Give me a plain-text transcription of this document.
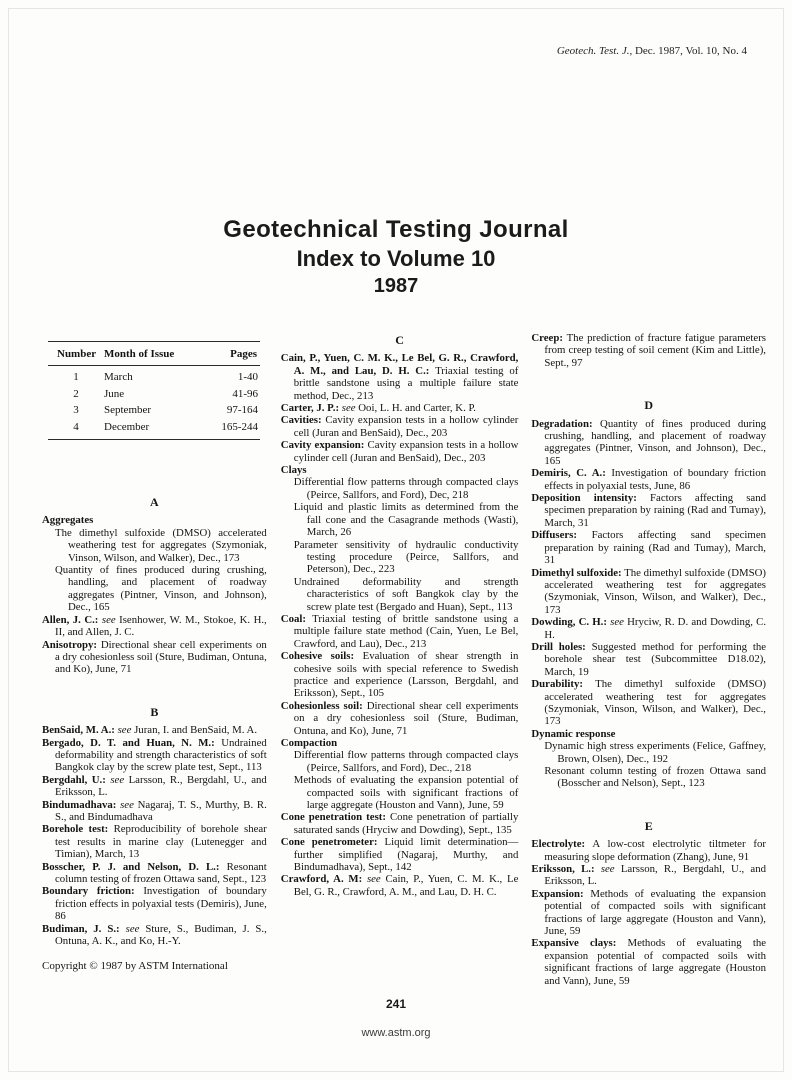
Geotech. Test. J., Dec. 1987, Vol. 10, No. 4
Geotechnical Testing Journal
Index to Volume 10
1987
Number	Month of Issue	Pages
1	March	1-40
2	June	41-96
3	September	97-164
4	December	165-244
A
Aggregates
The dimethyl sulfoxide (DMSO) accelerated weathering test for aggregates (Szymoniak, Vinson, Wilson, and Walker), Dec., 173
Quantity of fines produced during crushing, handling, and placement of roadway aggregates (Pintner, Vinson, and Johnson), Dec., 165
Allen, J. C.: see Isenhower, W. M., Stokoe, K. H., II, and Allen, J. C.
Anisotropy: Directional shear cell experiments on a dry cohesionless soil (Sture, Budiman, Ontuna, and Ko), June, 71
B
BenSaid, M. A.: see Juran, I. and BenSaid, M. A.
Bergado, D. T. and Huan, N. M.: Undrained deformability and strength characteristics of soft Bangkok clay by the screw plate test, Sept., 113
Bergdahl, U.: see Larsson, R., Bergdahl, U., and Eriksson, L.
Bindumadhava: see Nagaraj, T. S., Murthy, B. R. S., and Bindumadhava
Borehole test: Reproducibility of borehole shear test results in marine clay (Lutenegger and Timian), March, 13
Bosscher, P. J. and Nelson, D. L.: Resonant column testing of frozen Ottawa sand, Sept., 123
Boundary friction: Investigation of boundary friction effects in polyaxial tests (Demiris), June, 86
Budiman, J. S.: see Sture, S., Budiman, J. S., Ontuna, A. K., and Ko, H.-Y.
Copyright © 1987 by ASTM International
C
Cain, P., Yuen, C. M. K., Le Bel, G. R., Crawford, A. M., and Lau, D. H. C.: Triaxial testing of brittle sandstone using a multiple failure state method, Dec., 213
Carter, J. P.: see Ooi, L. H. and Carter, K. P.
Cavities: Cavity expansion tests in a hollow cylinder cell (Juran and BenSaid), Dec., 203
Cavity expansion: Cavity expansion tests in a hollow cylinder cell (Juran and BenSaid), Dec., 203
Clays
Differential flow patterns through compacted clays (Peirce, Sallfors, and Ford), Dec, 218
Liquid and plastic limits as determined from the fall cone and the Casagrande methods (Wasti), March, 26
Parameter sensitivity of hydraulic conductivity testing procedure (Peirce, Sallfors, and Peterson), Dec., 223
Undrained deformability and strength characteristics of soft Bangkok clay by the screw plate test (Bergado and Huan), Sept., 113
Coal: Triaxial testing of brittle sandstone using a multiple failure state method (Cain, Yuen, Le Bel, Crawford, and Lau), Dec., 213
Cohesive soils: Evaluation of shear strength in cohesive soils with special reference to Swedish practice and experience (Larsson, Bergdahl, and Eriksson), Sept., 105
Cohesionless soil: Directional shear cell experiments on a dry cohesionless soil (Sture, Budiman, Ontuna, and Ko), June, 71
Compaction
Differential flow patterns through compacted clays (Peirce, Sallfors, and Ford), Dec., 218
Methods of evaluating the expansion potential of compacted soils with significant fractions of large aggregate (Houston and Vann), June, 59
Cone penetration test: Cone penetration of partially saturated sands (Hryciw and Dowding), Sept., 135
Cone penetrometer: Liquid limit determination—further simplified (Nagaraj, Murthy, and Bindumadhava), Sept., 142
Crawford, A. M: see Cain, P., Yuen, C. M. K., Le Bel, G. R., Crawford, A. M., and Lau, D. H. C.
Creep: The prediction of fracture fatigue parameters from creep testing of soil cement (Kim and Little), Sept., 97
D
Degradation: Quantity of fines produced during crushing, handling, and placement of roadway aggregates (Pintner, Vinson, and Johnson), Dec., 165
Demiris, C. A.: Investigation of boundary friction effects in polyaxial tests, June, 86
Deposition intensity: Factors affecting sand specimen preparation by raining (Rad and Tumay), March, 31
Diffusers: Factors affecting sand specimen preparation by raining (Rad and Tumay), March, 31
Dimethyl sulfoxide: The dimethyl sulfoxide (DMSO) accelerated weathering test for aggregates (Szymoniak, Vinson, Wilson, and Walker), Dec., 173
Dowding, C. H.: see Hryciw, R. D. and Dowding, C. H.
Drill holes: Suggested method for performing the borehole shear test (Subcommittee D18.02), March, 19
Durability: The dimethyl sulfoxide (DMSO) accelerated weathering test for aggregates (Szymoniak, Vinson, Wilson, and Walker), Dec., 173
Dynamic response
Dynamic high stress experiments (Felice, Gaffney, Brown, Olsen), Dec., 192
Resonant column testing of frozen Ottawa sand (Bosscher and Nelson), Sept., 123
E
Electrolyte: A low-cost electrolytic tiltmeter for measuring slope deformation (Zhang), June, 91
Eriksson, L.: see Larsson, R., Bergdahl, U., and Eriksson, L.
Expansion: Methods of evaluating the expansion potential of compacted soils with significant fractions of large aggregate (Houston and Vann), June, 59
Expansive clays: Methods of evaluating the expansion potential of compacted soils with significant fractions of large aggregate (Houston and Vann), June, 59
241
www.astm.org
